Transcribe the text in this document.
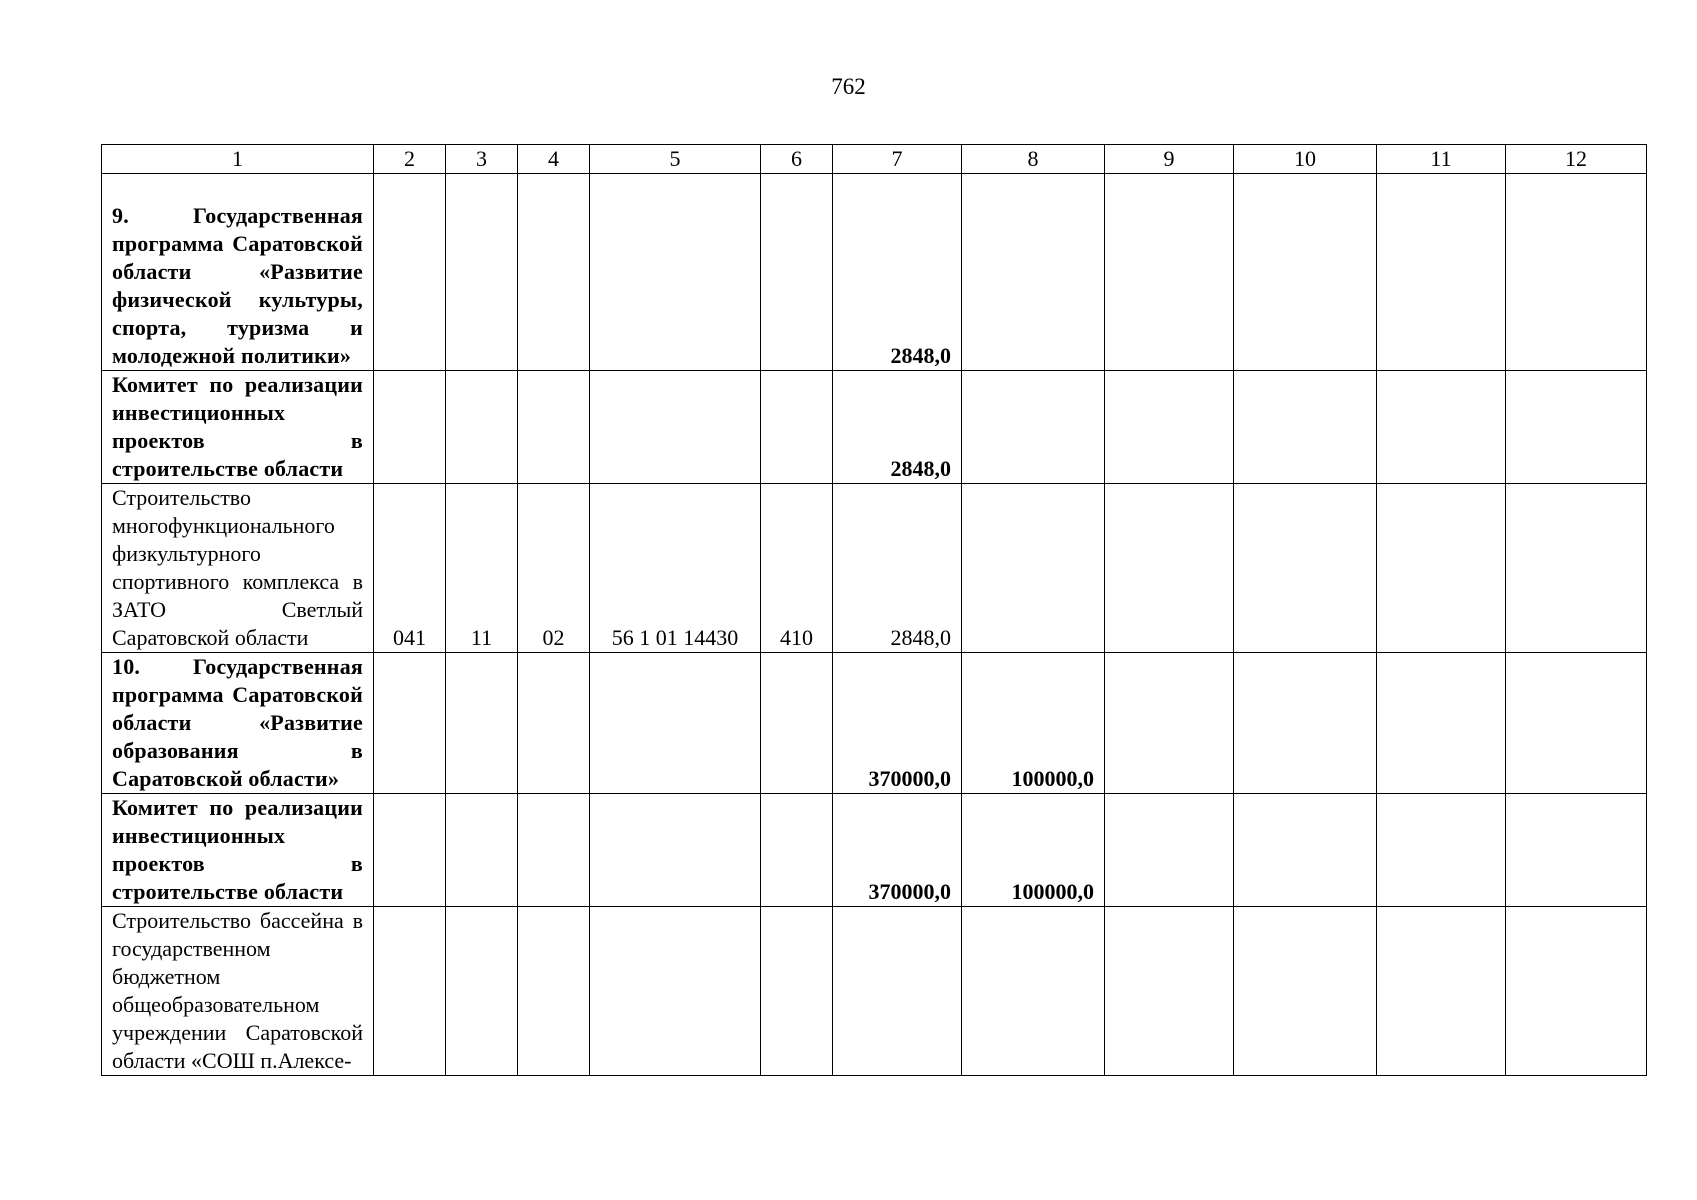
762
1	2	3	4	5	6	7	8	9	10	11	12
9. Государственная программа Саратовской области «Развитие физической культуры, спорта, туризма и молодежной политики»						2848,0					
Комитет по реализации инвестиционных проектов в строительстве области						2848,0					
Строительство многофункционального физкультурного спортивного комплекса в ЗАТО Светлый Саратовской области	041	11	02	56 1 01 14430	410	2848,0					
10. Государственная программа Саратовской области «Развитие образования в Саратовской области»						370000,0	100000,0				
Комитет по реализации инвестиционных проектов в строительстве области						370000,0	100000,0				
Строительство бассейна в государственном бюджетном общеобразовательном учреждении Саратовской области «СОШ п.Алексе-											
